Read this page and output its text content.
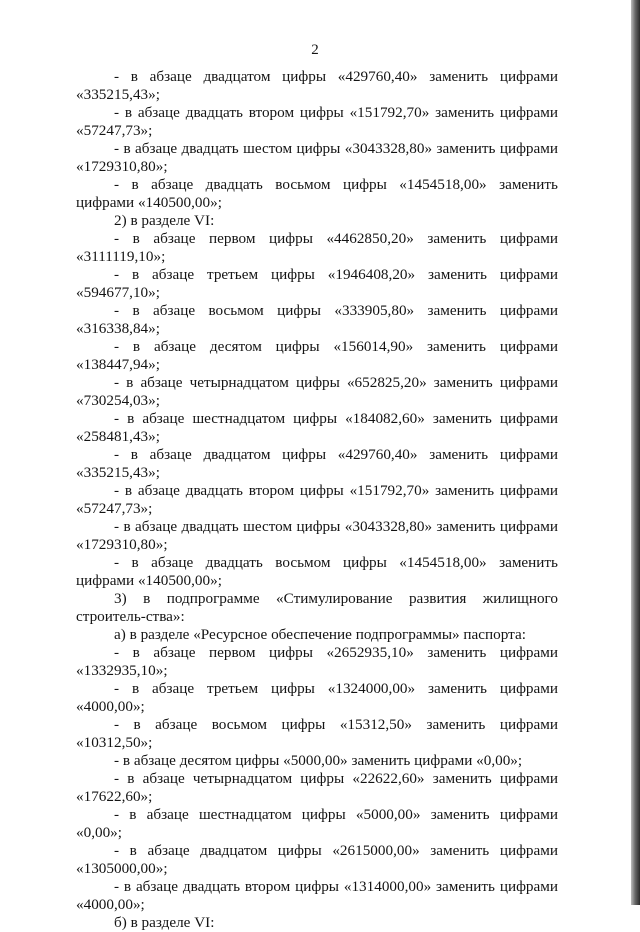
2

- в абзаце двадцатом цифры «429760,40» заменить цифрами «335215,43»;

- в абзаце двадцать втором цифры «151792,70» заменить цифрами «57247,73»;

- в абзаце двадцать шестом цифры «3043328,80» заменить цифрами «1729310,80»;

- в абзаце двадцать восьмом цифры «1454518,00» заменить цифрами «140500,00»;

2) в разделе VI:

- в абзаце первом цифры «4462850,20» заменить цифрами «3111119,10»;

- в абзаце третьем цифры «1946408,20» заменить цифрами «594677,10»;

- в абзаце восьмом цифры «333905,80» заменить цифрами «316338,84»;

- в абзаце десятом цифры «156014,90» заменить цифрами «138447,94»;

- в абзаце четырнадцатом цифры «652825,20» заменить цифрами «730254,03»;

- в абзаце шестнадцатом цифры «184082,60» заменить цифрами «258481,43»;

- в абзаце двадцатом цифры «429760,40» заменить цифрами «335215,43»;

- в абзаце двадцать втором цифры «151792,70» заменить цифрами «57247,73»;

- в абзаце двадцать шестом цифры «3043328,80» заменить цифрами «1729310,80»;

- в абзаце двадцать восьмом цифры «1454518,00» заменить цифрами «140500,00»;

3) в подпрограмме «Стимулирование развития жилищного строитель-ства»:

а) в разделе «Ресурсное обеспечение подпрограммы» паспорта:

- в абзаце первом цифры «2652935,10» заменить цифрами «1332935,10»;

- в абзаце третьем цифры «1324000,00» заменить цифрами «4000,00»;

- в абзаце восьмом цифры «15312,50» заменить цифрами «10312,50»;

- в абзаце десятом цифры «5000,00» заменить цифрами «0,00»;

- в абзаце четырнадцатом цифры «22622,60» заменить цифрами «17622,60»;

- в абзаце шестнадцатом цифры «5000,00» заменить цифрами «0,00»;

- в абзаце двадцатом цифры «2615000,00» заменить цифрами «1305000,00»;

- в абзаце двадцать втором цифры «1314000,00» заменить цифрами «4000,00»;

б) в разделе VI:
